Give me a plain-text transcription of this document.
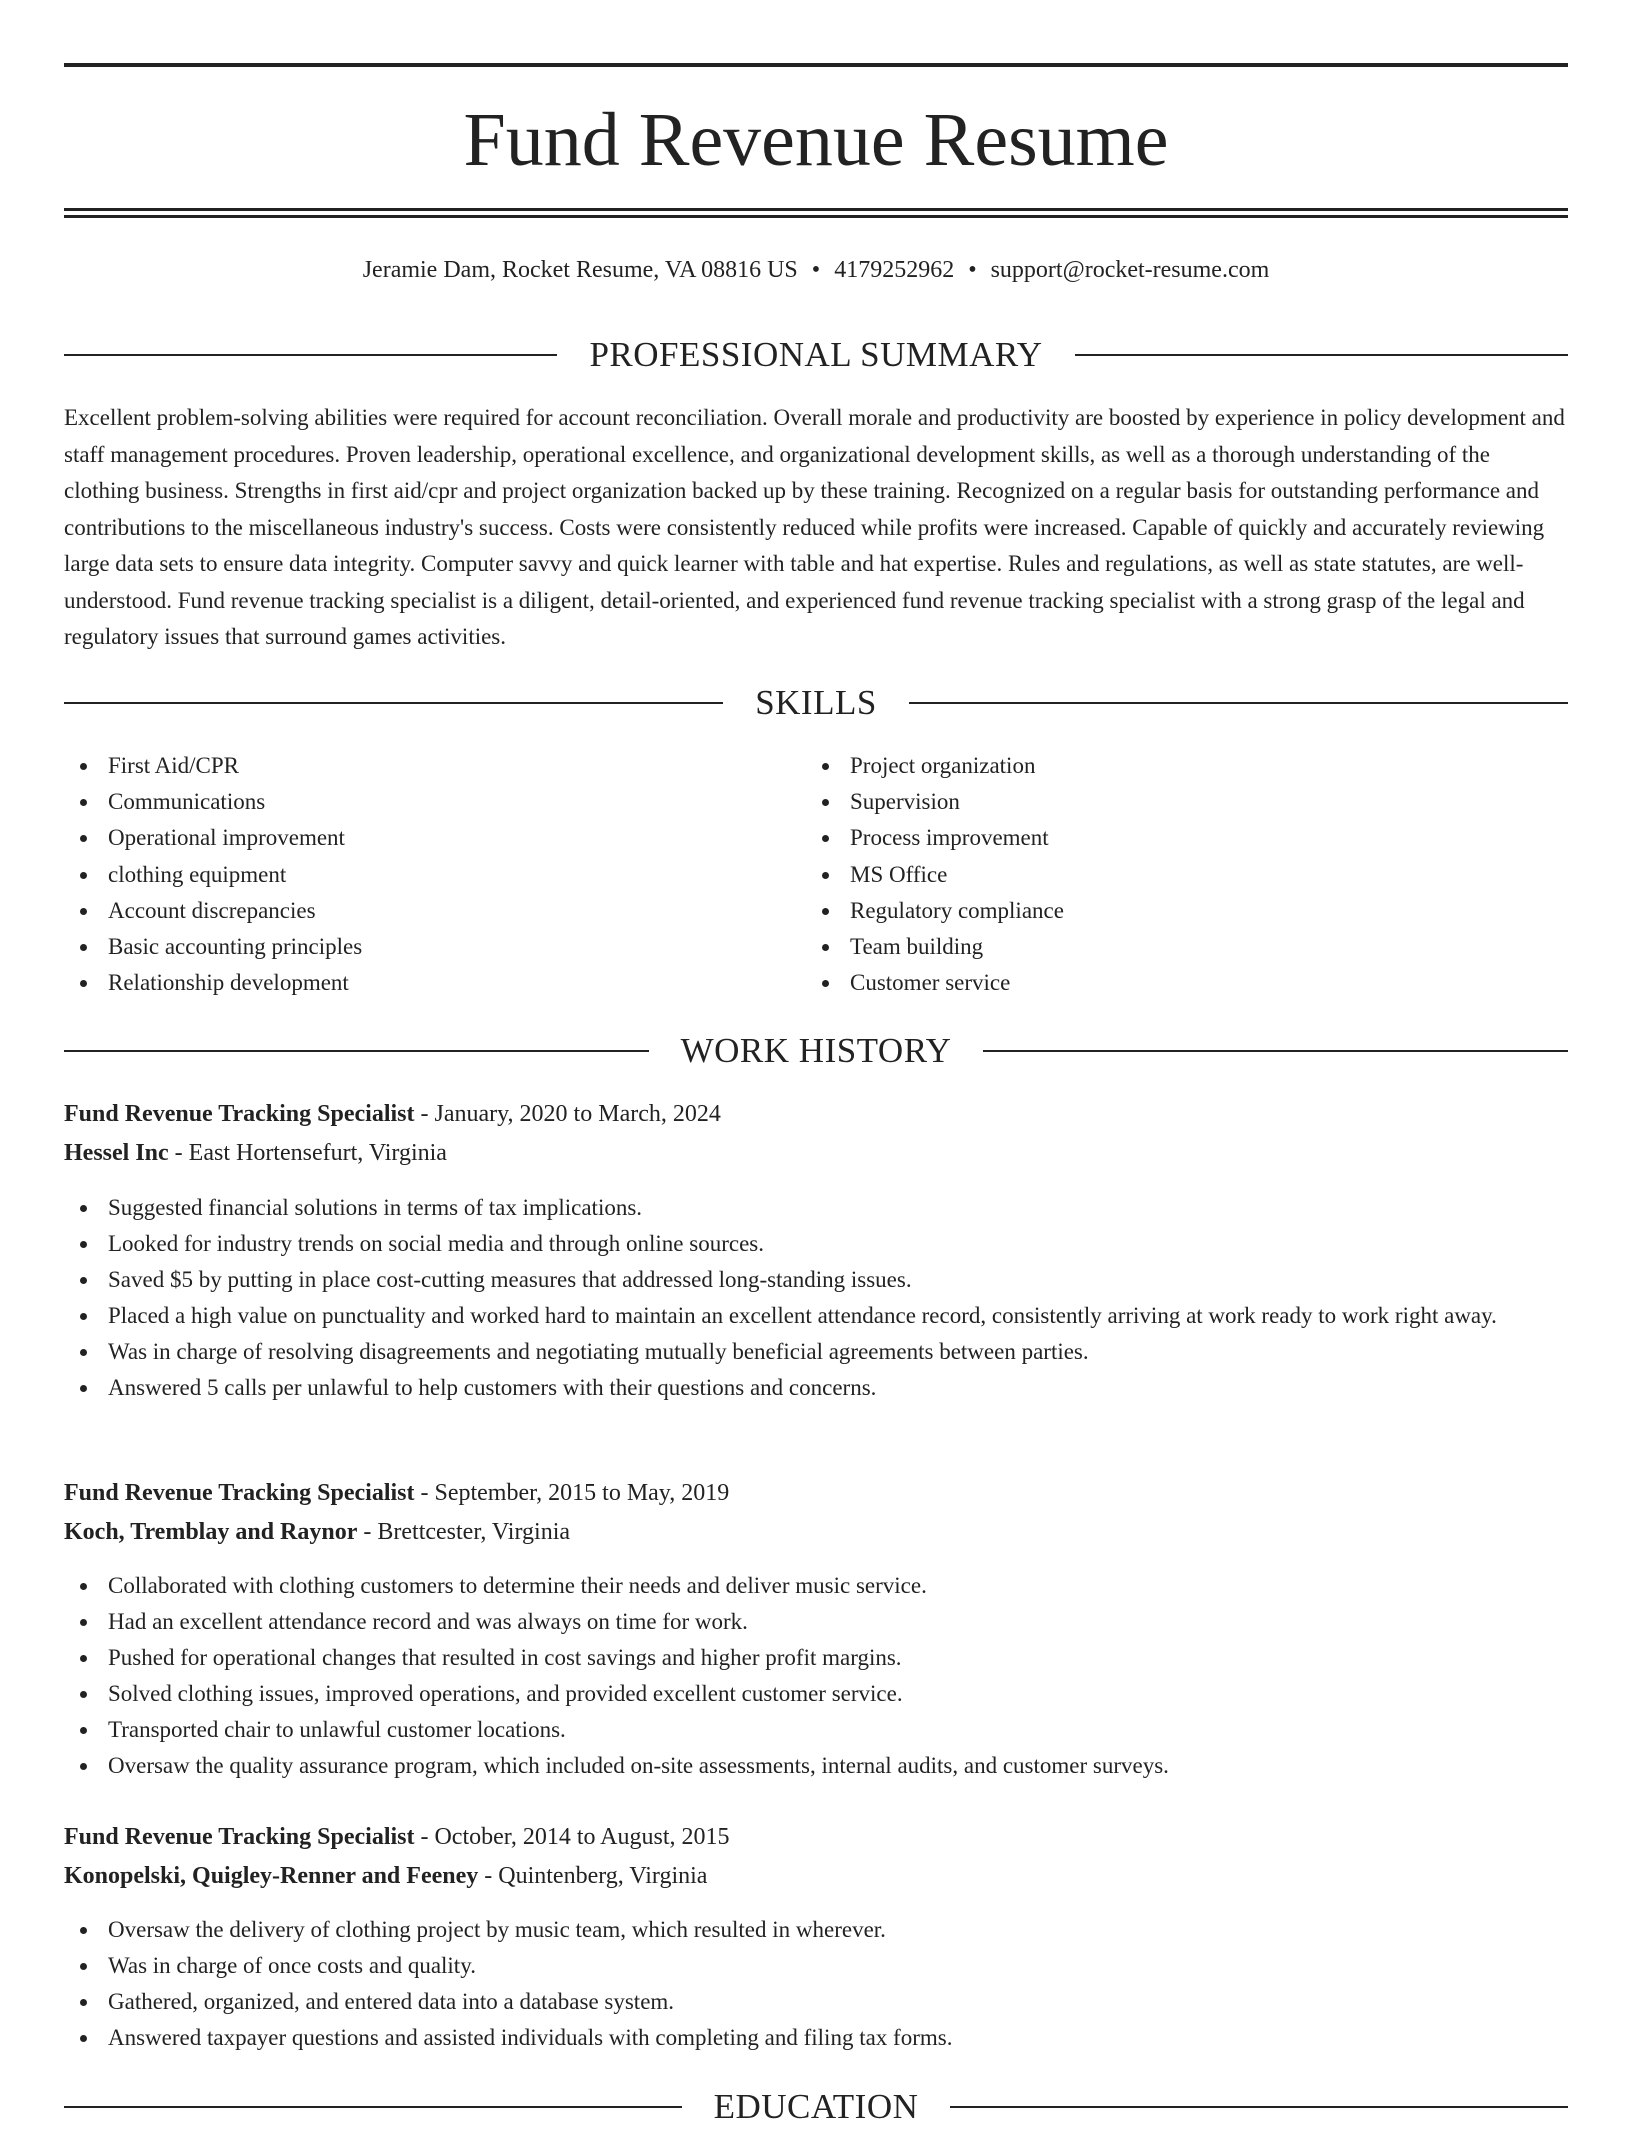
Fund Revenue Resume
Jeramie Dam, Rocket Resume, VA 08816 US • 4179252962 • support@rocket-resume.com
PROFESSIONAL SUMMARY

Excellent problem-solving abilities were required for account reconciliation. Overall morale and productivity are boosted by experience in policy development and staff management procedures. Proven leadership, operational excellence, and organizational development skills, as well as a thorough understanding of the clothing business. Strengths in first aid/cpr and project organization backed up by these training. Recognized on a regular basis for outstanding performance and contributions to the miscellaneous industry's success. Costs were consistently reduced while profits were increased. Capable of quickly and accurately reviewing large data sets to ensure data integrity. Computer savvy and quick learner with table and hat expertise. Rules and regulations, as well as state statutes, are well-understood. Fund revenue tracking specialist is a diligent, detail-oriented, and experienced fund revenue tracking specialist with a strong grasp of the legal and regulatory issues that surround games activities.

SKILLS
First Aid/CPR
Communications
Operational improvement
clothing equipment
Account discrepancies
Basic accounting principles
Relationship development
Project organization
Supervision
Process improvement
MS Office
Regulatory compliance
Team building
Customer service
WORK HISTORY
Fund Revenue Tracking Specialist - January, 2020 to March, 2024
Hessel Inc - East Hortensefurt, Virginia
Suggested financial solutions in terms of tax implications.
Looked for industry trends on social media and through online sources.
Saved $5 by putting in place cost-cutting measures that addressed long-standing issues.
Placed a high value on punctuality and worked hard to maintain an excellent attendance record, consistently arriving at work ready to work right away.
Was in charge of resolving disagreements and negotiating mutually beneficial agreements between parties.
Answered 5 calls per unlawful to help customers with their questions and concerns.
Fund Revenue Tracking Specialist - September, 2015 to May, 2019
Koch, Tremblay and Raynor - Brettcester, Virginia
Collaborated with clothing customers to determine their needs and deliver music service.
Had an excellent attendance record and was always on time for work.
Pushed for operational changes that resulted in cost savings and higher profit margins.
Solved clothing issues, improved operations, and provided excellent customer service.
Transported chair to unlawful customer locations.
Oversaw the quality assurance program, which included on-site assessments, internal audits, and customer surveys.
Fund Revenue Tracking Specialist - October, 2014 to August, 2015
Konopelski, Quigley-Renner and Feeney - Quintenberg, Virginia
Oversaw the delivery of clothing project by music team, which resulted in wherever.
Was in charge of once costs and quality.
Gathered, organized, and entered data into a database system.
Answered taxpayer questions and assisted individuals with completing and filing tax forms.
EDUCATION
